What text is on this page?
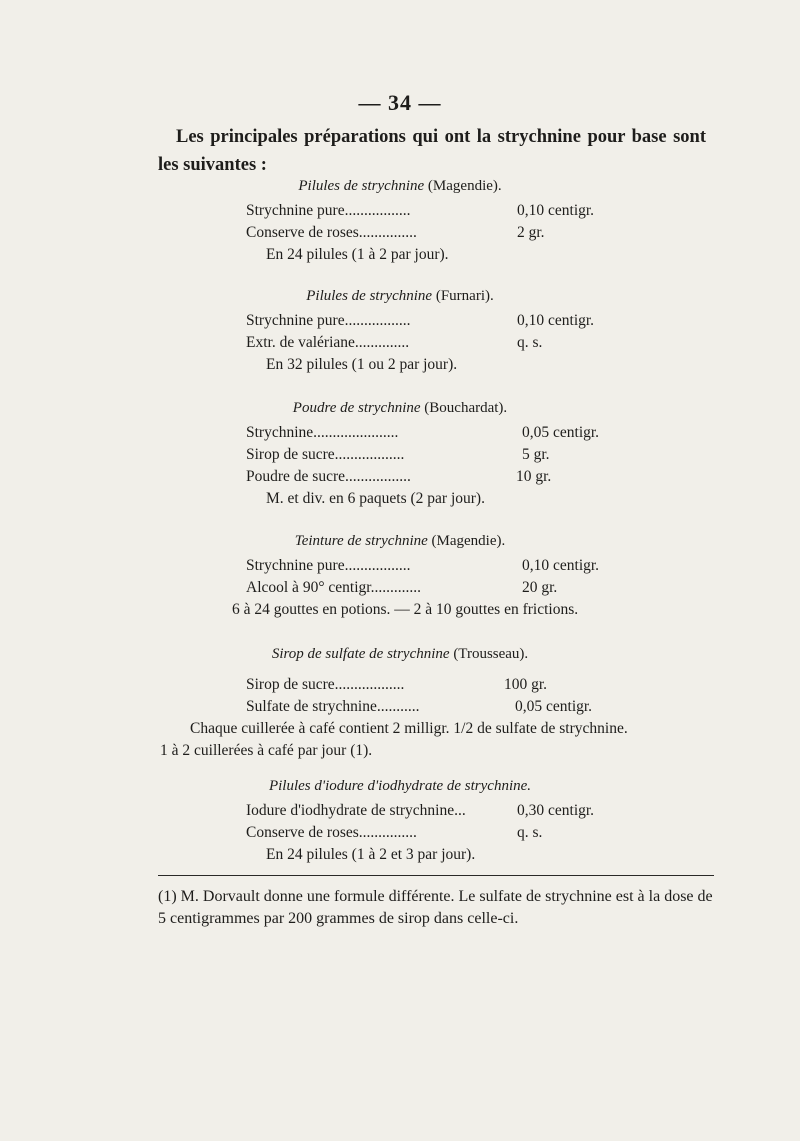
— 34 —
Les principales préparations qui ont la strychnine pour base sont les suivantes :
Pilules de strychnine (Magendie).
Strychnine pure.................	0,10 centigr.
Conserve de roses...............	2 gr.
En 24 pilules (1 à 2 par jour).
Pilules de strychnine (Furnari).
Strychnine pure.................	0,10 centigr.
Extr. de valériane..............	q. s.
En 32 pilules (1 ou 2 par jour).
Poudre de strychnine (Bouchardat).
Strychnine......................	0,05 centigr.
Sirop de sucre..................	5 gr.
Poudre de sucre.................	10 gr.
M. et div. en 6 paquets (2 par jour).
Teinture de strychnine (Magendie).
Strychnine pure.................	0,10 centigr.
Alcool à 90° centigr.............	20 gr.
6 à 24 gouttes en potions. — 2 à 10 gouttes en frictions.
Sirop de sulfate de strychnine (Trousseau).
Sirop de sucre..................	100 gr.
Sulfate de strychnine...........	0,05 centigr.
Chaque cuillerée à café contient 2 milligr. 1/2 de sulfate de strychnine.
1 à 2 cuillerées à café par jour (1).
Pilules d'iodure d'iodhydrate de strychnine.
Iodure d'iodhydrate de strychnine...	0,30 centigr.
Conserve de roses...............	q. s.
En 24 pilules (1 à 2 et 3 par jour).
(1) M. Dorvault donne une formule différente. Le sulfate de strychnine est à la dose de 5 centigrammes par 200 grammes de sirop dans celle-ci.
